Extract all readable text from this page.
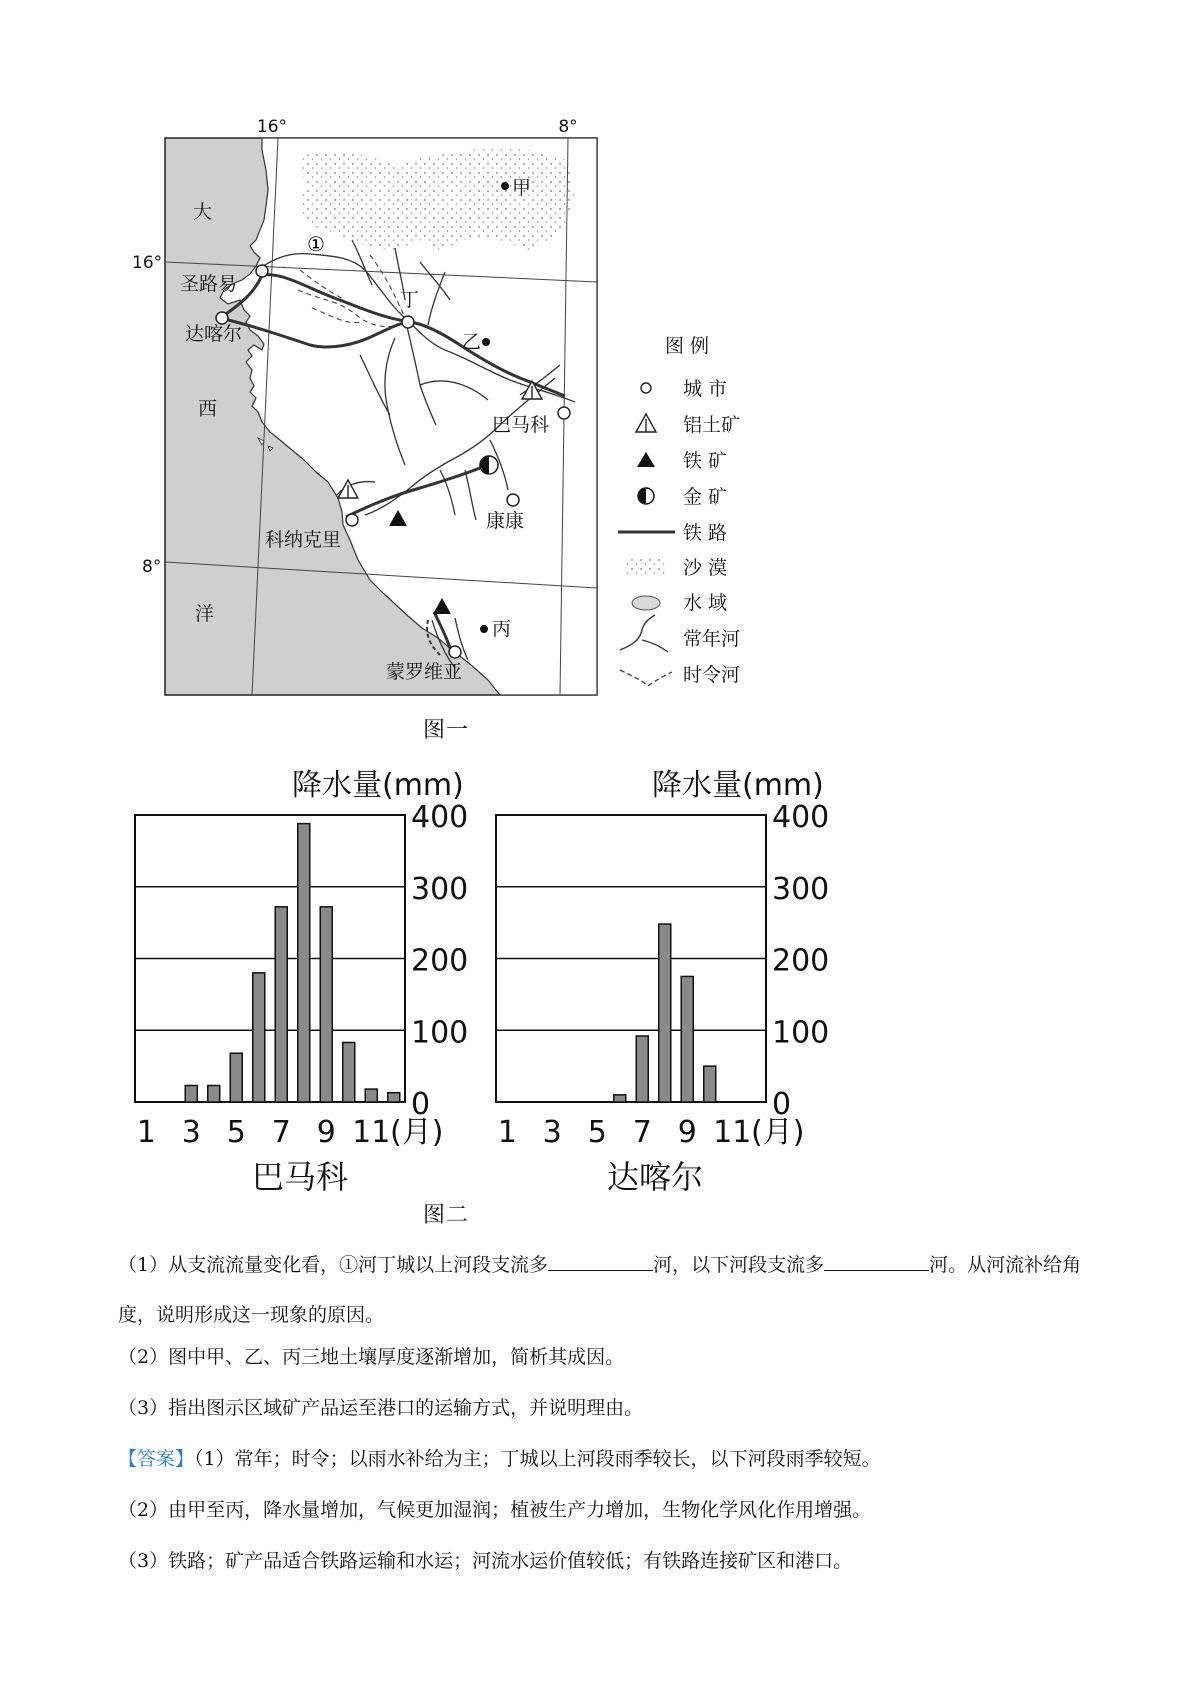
①
16°	8°
16°
8°
大
西
洋
圣路易
达喀尔
巴马科
科纳克里
康康
蒙罗维亚
甲
乙
丙
丁
图 例
城 市
铝土矿
铁 矿
金 矿
铁 路
沙 漠
水 域
常年河
时令河
图一
0
100
200
300
400
1 3 5 7 9 11 (月)
降水量(mm)
巴马科
0
100
200
300
400
1 3 5 7 9 11 (月)
降水量(mm)
达喀尔
图二
（1）从支流流量变化看，①河丁城以上河段支流多	河，以下河段支流多	河。从河流补给角度，说明形成这一现象的原因。
（2）图中甲、乙、丙三地土壤厚度逐渐增加，简析其成因。
（3）指出图示区域矿产品运至港口的运输方式，并说明理由。
【答案】（1）常年；时令；以雨水补给为主；丁城以上河段雨季较长，以下河段雨季较短。
（2）由甲至丙，降水量增加，气候更加湿润；植被生产力增加，生物化学风化作用增强。
（3）铁路；矿产品适合铁路运输和水运；河流水运价值较低；有铁路连接矿区和港口。
